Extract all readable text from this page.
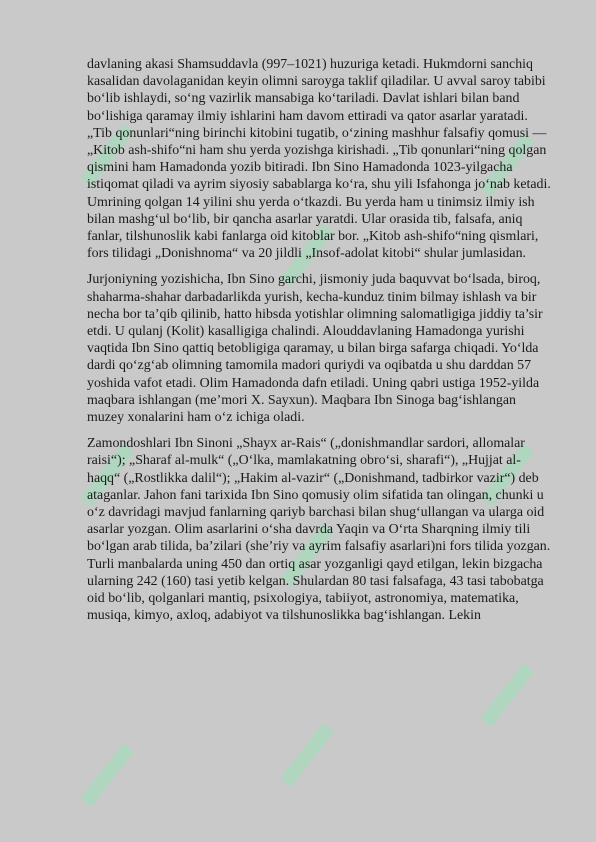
davlaning akasi Shamsuddavla (997–1021) huzuriga ketadi. Hukmdorni sanchiq kasalidan davolaganidan keyin olimni saroyga taklif qiladilar. U avval saroy tabibi bo‘lib ishlaydi, so‘ng vazirlik mansabiga ko‘tariladi. Davlat ishlari bilan band bo‘lishiga qaramay ilmiy ishlarini ham davom ettiradi va qator asarlar yaratadi. „Tib qonunlari“ning birinchi kitobini tugatib, o‘zining mashhur falsafiy qomusi — „Kitob ash-shifo“ni ham shu yerda yozishga kirishadi. „Tib qonunlari“ning qolgan qismini ham Hamadonda yozib bitiradi. Ibn Sino Hamadonda 1023-yilgacha istiqomat qiladi va ayrim siyosiy sabablarga ko‘ra, shu yili Isfahonga jo‘nab ketadi. Umrining qolgan 14 yilini shu yerda o‘tkazdi. Bu yerda ham u tinimsiz ilmiy ish bilan mashg‘ul bo‘lib, bir qancha asarlar yaratdi. Ular orasida tib, falsafa, aniq fanlar, tilshunoslik kabi fanlarga oid kitoblar bor. „Kitob ash-shifo“ning qismlari, fors tilidagi „Donishnoma“ va 20 jildli „Insof-adolat kitobi“ shular jumlasidan.

Jurjoniyning yozishicha, Ibn Sino garchi, jismoniy juda baquvvat bo‘lsada, biroq, shaharma-shahar darbadarlikda yurish, kecha-kunduz tinim bilmay ishlash va bir necha bor ta’qib qilinib, hatto hibsda yotishlar olimning salomatligiga jiddiy ta’sir etdi. U qulanj (Kolit) kasalligiga chalindi. Alouddavlaning Hamadonga yurishi vaqtida Ibn Sino qattiq betobligiga qaramay, u bilan birga safarga chiqadi. Yo‘lda dardi qo‘zg‘ab olimning tamomila madori quriydi va oqibatda u shu darddan 57 yoshida vafot etadi. Olim Hamadonda dafn etiladi. Uning qabri ustiga 1952-yilda maqbara ishlangan (me’mori X. Sayxun). Maqbara Ibn Sinoga bag‘ishlangan muzey xonalarini ham o‘z ichiga oladi.

Zamondoshlari Ibn Sinoni „Shayx ar-Rais“ („donishmandlar sardori, allomalar raisi“); „Sharaf al-mulk“ („O‘lka, mamlakatning obro‘si, sharafi“), „Hujjat al-haqq“ („Rostlikka dalil“); „Hakim al-vazir“ („Donishmand, tadbirkor vazir“) deb ataganlar. Jahon fani tarixida Ibn Sino qomusiy olim sifatida tan olingan, chunki u o‘z davridagi mavjud fanlarning qariyb barchasi bilan shug‘ullangan va ularga oid asarlar yozgan. Olim asarlarini o‘sha davrda Yaqin va O‘rta Sharqning ilmiy tili bo‘lgan arab tilida, ba’zilari (she’riy va ayrim falsafiy asarlari)ni fors tilida yozgan. Turli manbalarda uning 450 dan ortiq asar yozganligi qayd etilgan, lekin bizgacha ularning 242 (160) tasi yetib kelgan. Shulardan 80 tasi falsafaga, 43 tasi tabobatga oid bo‘lib, qolganlari mantiq, psixologiya, tabiiyot, astronomiya, matematika, musiqa, kimyo, axloq, adabiyot va tilshunoslikka bag‘ishlangan. Lekin
